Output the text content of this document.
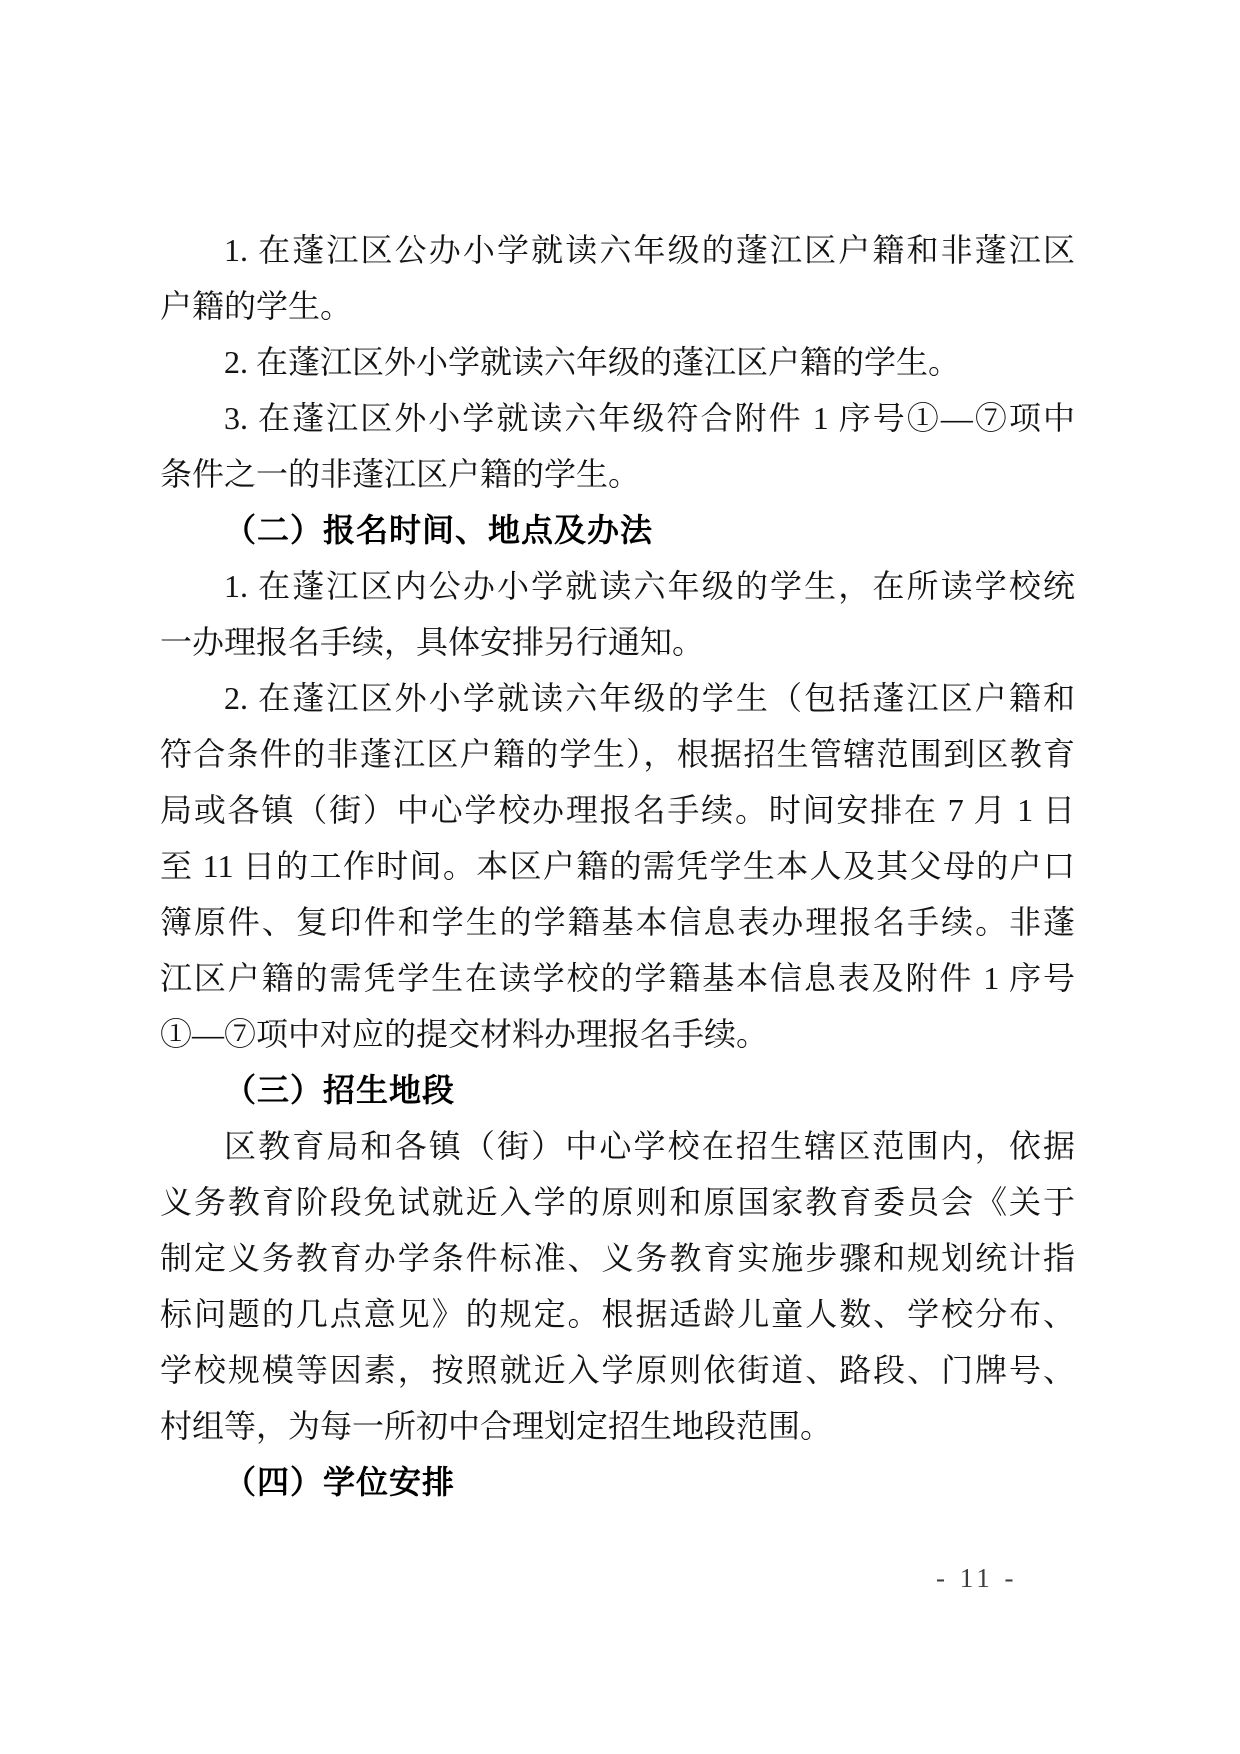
1. 在蓬江区公办小学就读六年级的蓬江区户籍和非蓬江区
户籍的学生。
2. 在蓬江区外小学就读六年级的蓬江区户籍的学生。
3. 在蓬江区外小学就读六年级符合附件 1 序号①—⑦项中
条件之一的非蓬江区户籍的学生。
（二）报名时间、地点及办法
1. 在蓬江区内公办小学就读六年级的学生，在所读学校统
一办理报名手续，具体安排另行通知。
2. 在蓬江区外小学就读六年级的学生（包括蓬江区户籍和
符合条件的非蓬江区户籍的学生），根据招生管辖范围到区教育
局或各镇（街）中心学校办理报名手续。时间安排在 7 月 1 日
至 11 日的工作时间。本区户籍的需凭学生本人及其父母的户口
簿原件、复印件和学生的学籍基本信息表办理报名手续。非蓬
江区户籍的需凭学生在读学校的学籍基本信息表及附件 1 序号
①—⑦项中对应的提交材料办理报名手续。
（三）招生地段
区教育局和各镇（街）中心学校在招生辖区范围内，依据
义务教育阶段免试就近入学的原则和原国家教育委员会《关于
制定义务教育办学条件标准、义务教育实施步骤和规划统计指
标问题的几点意见》的规定。根据适龄儿童人数、学校分布、
学校规模等因素，按照就近入学原则依街道、路段、门牌号、
村组等，为每一所初中合理划定招生地段范围。
（四）学位安排
- 11 -
